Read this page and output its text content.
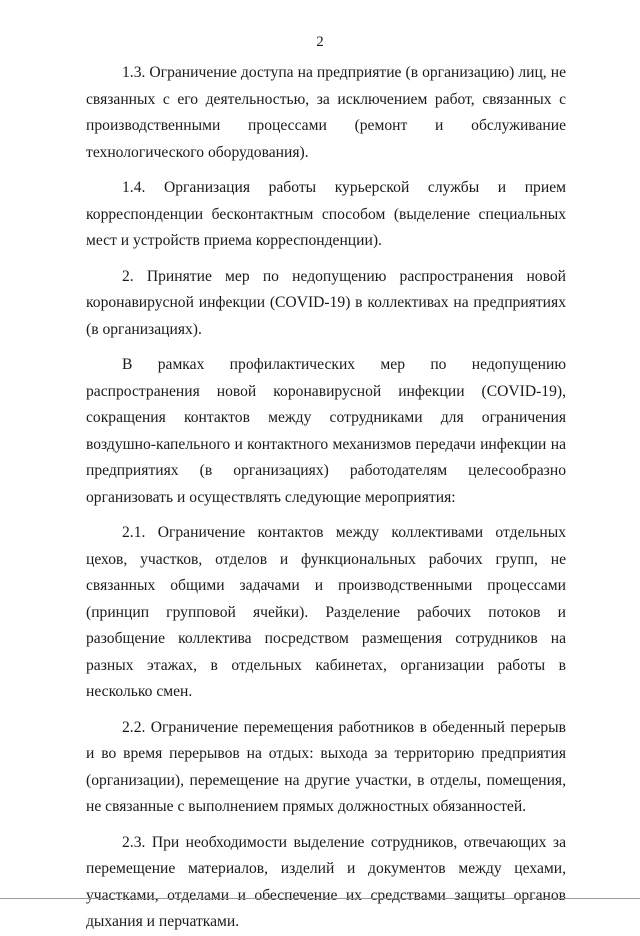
2

1.3. Ограничение доступа на предприятие (в организацию) лиц, не связанных с его деятельностью, за исключением работ, связанных с производственными процессами (ремонт и обслуживание технологического оборудования).

1.4. Организация работы курьерской службы и прием корреспонденции бесконтактным способом (выделение специальных мест и устройств приема корреспонденции).

2. Принятие мер по недопущению распространения новой коронавирусной инфекции (COVID-19) в коллективах на предприятиях (в организациях).

В рамках профилактических мер по недопущению распространения новой коронавирусной инфекции (COVID-19), сокращения контактов между сотрудниками для ограничения воздушно-капельного и контактного механизмов передачи инфекции на предприятиях (в организациях) работодателям целесообразно организовать и осуществлять следующие мероприятия:

2.1. Ограничение контактов между коллективами отдельных цехов, участков, отделов и функциональных рабочих групп, не связанных общими задачами и производственными процессами (принцип групповой ячейки). Разделение рабочих потоков и разобщение коллектива посредством размещения сотрудников на разных этажах, в отдельных кабинетах, организации работы в несколько смен.

2.2. Ограничение перемещения работников в обеденный перерыв и во время перерывов на отдых: выхода за территорию предприятия (организации), перемещение на другие участки, в отделы, помещения, не связанные с выполнением прямых должностных обязанностей.

2.3. При необходимости выделение сотрудников, отвечающих за перемещение материалов, изделий и документов между цехами, участками, отделами и обеспечение их средствами защиты органов дыхания и перчатками.
